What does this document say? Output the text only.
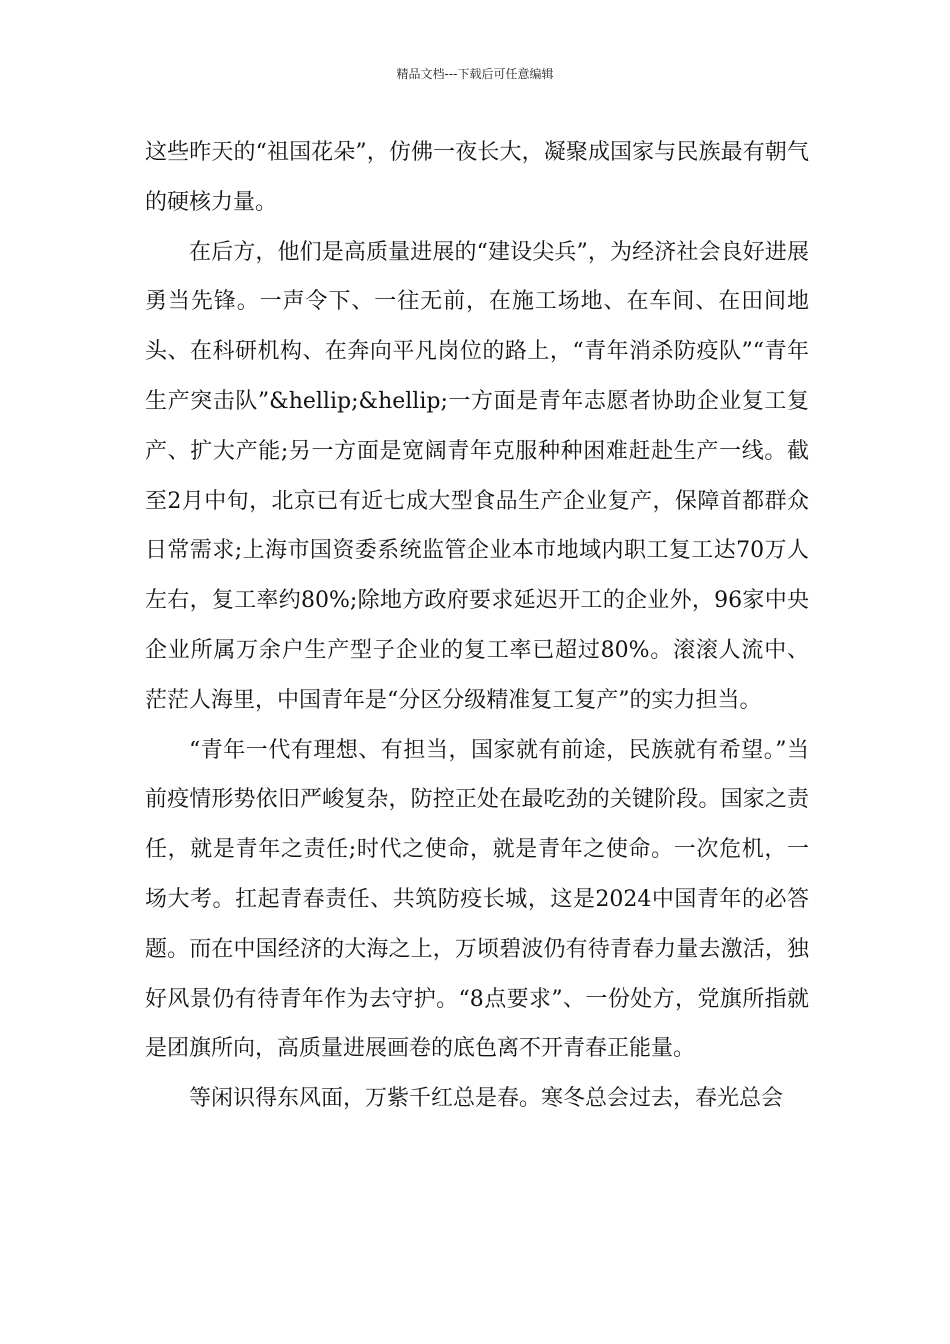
精品文档---下载后可任意编辑

这些昨天的“祖国花朵”，仿佛一夜长大，凝聚成国家与民族最有朝气的硬核力量。

在后方，他们是高质量进展的“建设尖兵”，为经济社会良好进展勇当先锋。一声令下、一往无前，在施工场地、在车间、在田间地头、在科研机构、在奔向平凡岗位的路上，“青年消杀防疫队”“青年生产突击队”&hellip;&hellip;一方面是青年志愿者协助企业复工复产、扩大产能;另一方面是宽阔青年克服种种困难赶赴生产一线。截至2月中旬，北京已有近七成大型食品生产企业复产，保障首都群众日常需求;上海市国资委系统监管企业本市地域内职工复工达70万人左右，复工率约80%;除地方政府要求延迟开工的企业外，96家中央企业所属万余户生产型子企业的复工率已超过80%。滚滚人流中、茫茫人海里，中国青年是“分区分级精准复工复产”的实力担当。

“青年一代有理想、有担当，国家就有前途，民族就有希望。”当前疫情形势依旧严峻复杂，防控正处在最吃劲的关键阶段。国家之责任，就是青年之责任;时代之使命，就是青年之使命。一次危机，一场大考。扛起青春责任、共筑防疫长城，这是2024中国青年的必答题。而在中国经济的大海之上，万顷碧波仍有待青春力量去激活，独好风景仍有待青年作为去守护。“8点要求”、一份处方，党旗所指就是团旗所向，高质量进展画卷的底色离不开青春正能量。

等闲识得东风面，万紫千红总是春。寒冬总会过去，春光总会
